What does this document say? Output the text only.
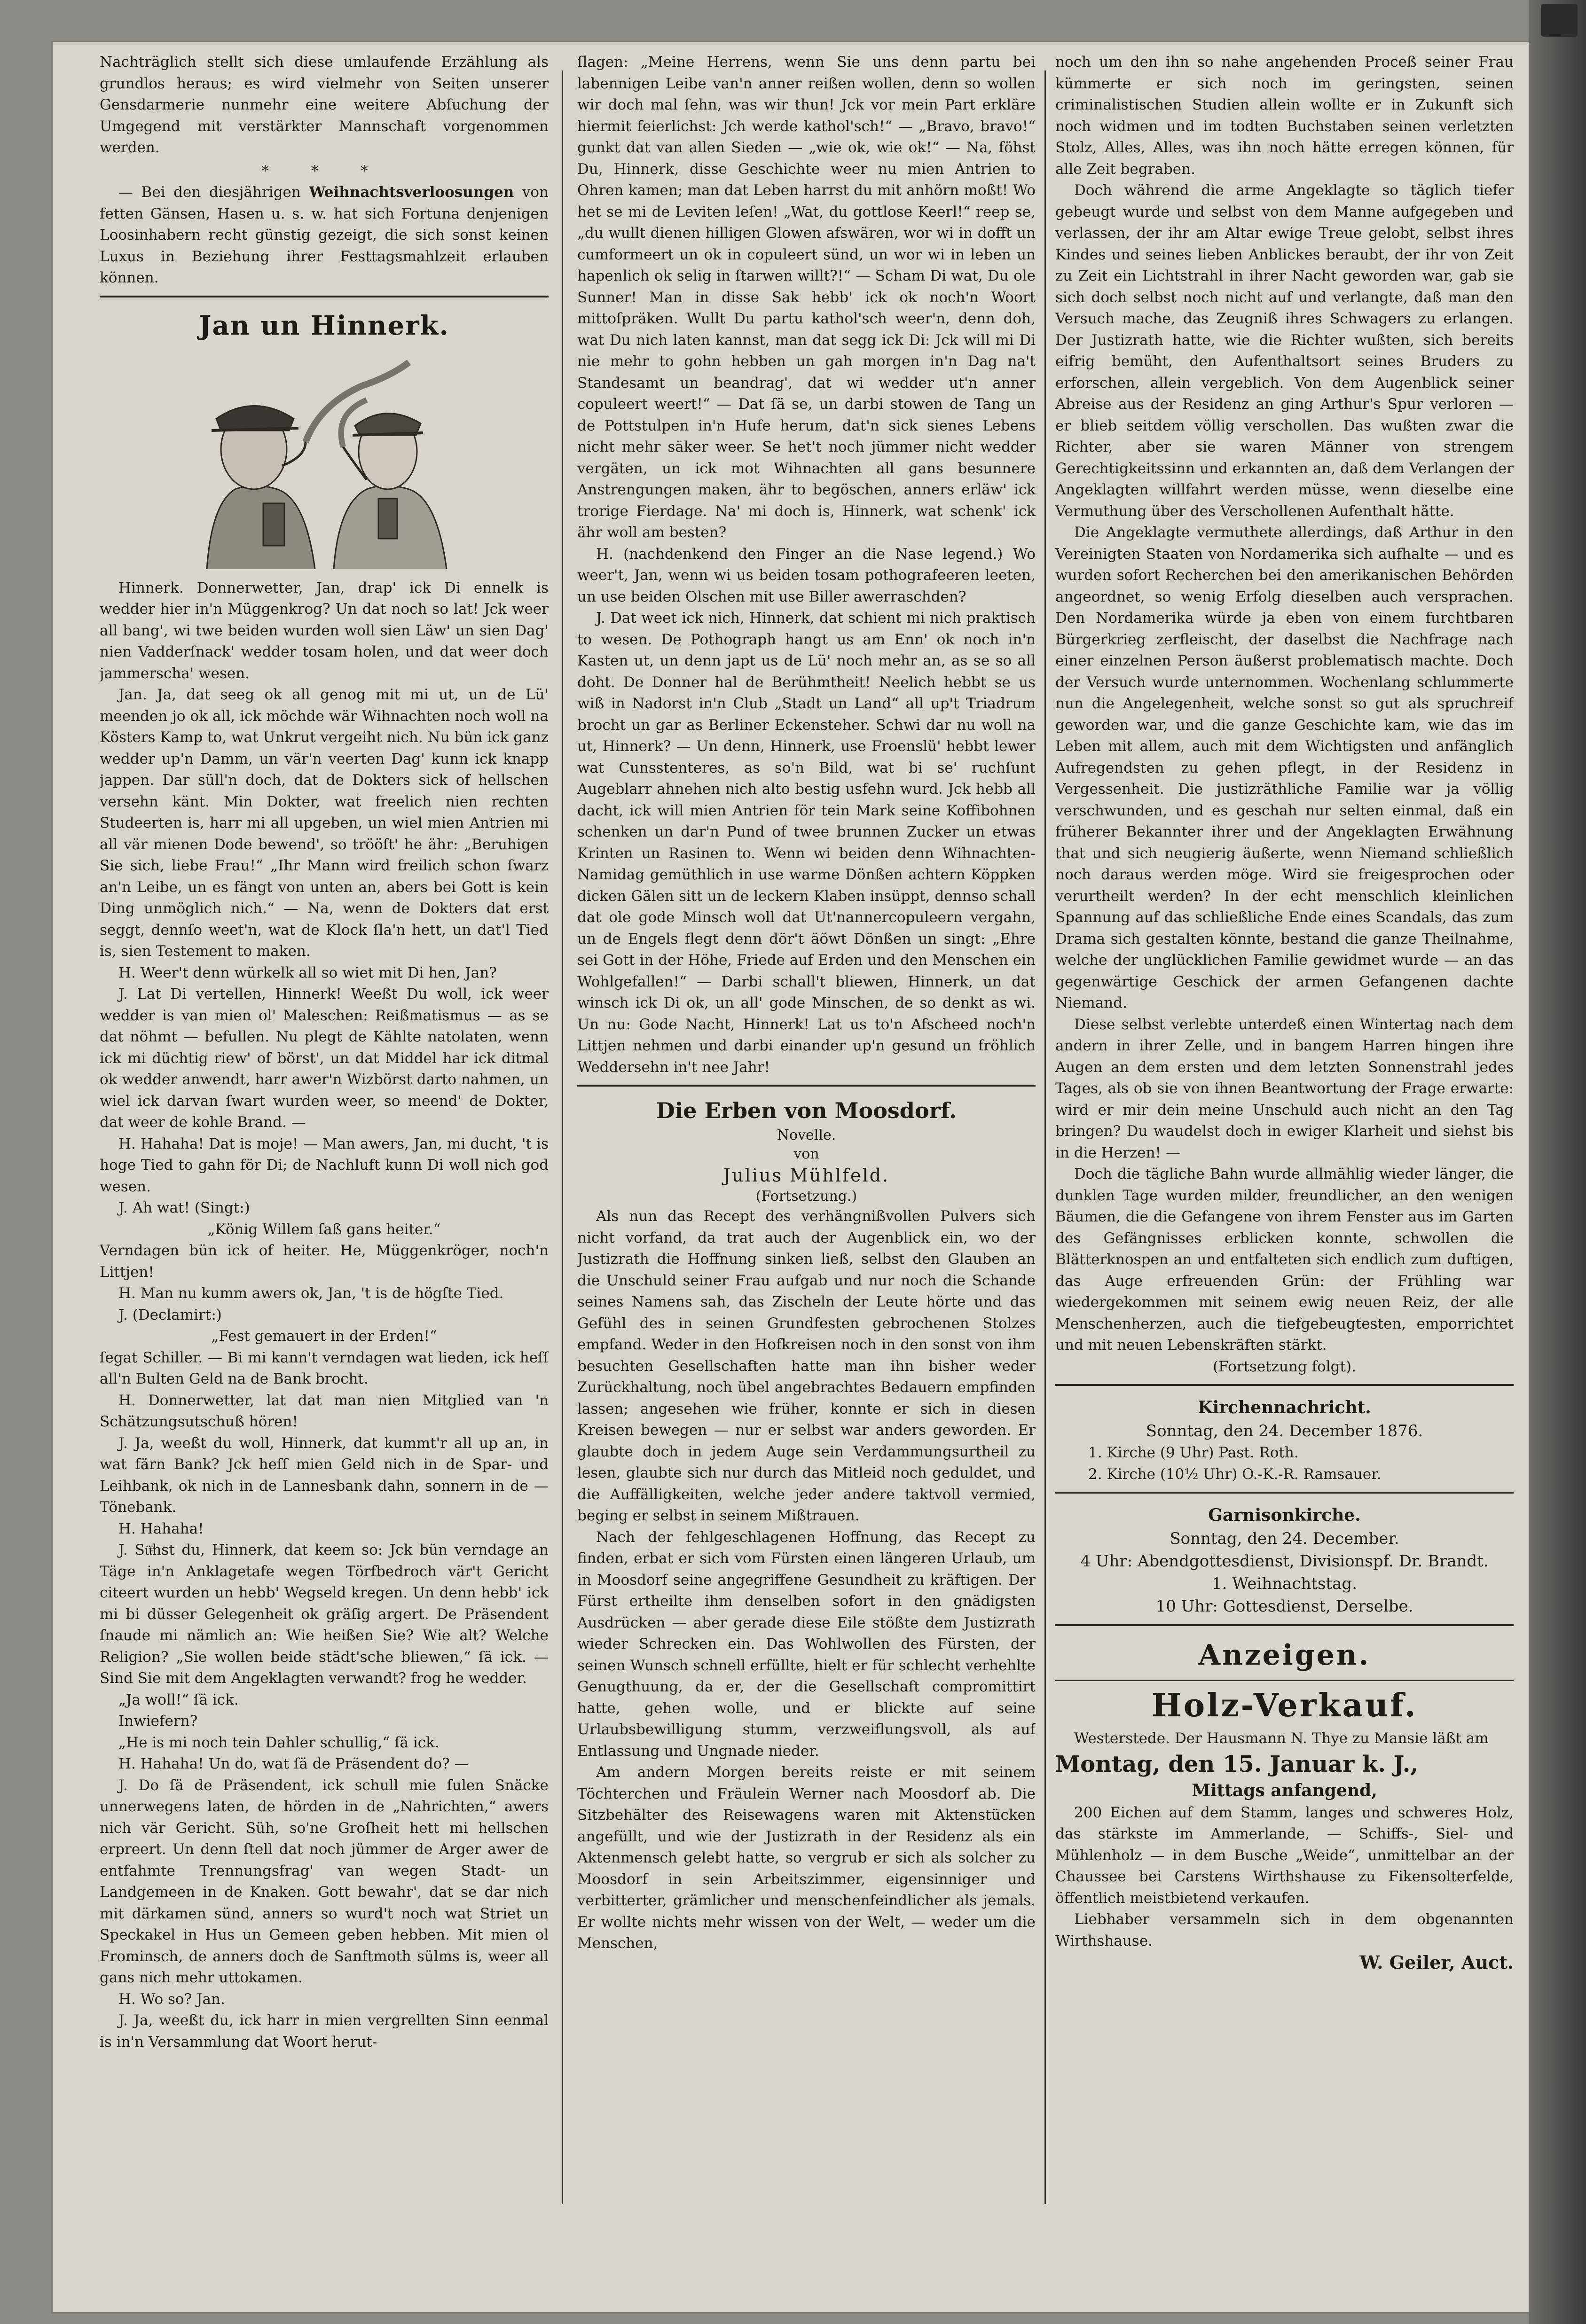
Nachträglich stellt sich diese umlaufende Erzählung als grundlos heraus; es wird vielmehr von Seiten unserer Gensdarmerie nunmehr eine weitere Abſuchung der Umgegend mit verstärkter Mannschaft vorgenommen werden.

* * *

— Bei den diesjährigen Weihnachtsverloosungen von fetten Gänsen, Hasen u. s. w. hat sich Fortuna denjenigen Loosinhabern recht günstig gezeigt, die sich sonst keinen Luxus in Beziehung ihrer Festtagsmahlzeit erlauben können.

Jan un Hinnerk.

Hinnerk. Donnerwetter, Jan, drap' ick Di ennelk is wedder hier in'n Müggenkrog? Un dat noch so lat! Jck weer all bang', wi twe beiden wurden woll sien Läw' un sien Dag' nien Vadderſnack' wedder tosam holen, und dat weer doch jammerscha' wesen.

Jan. Ja, dat seeg ok all genog mit mi ut, un de Lü' meenden jo ok all, ick möchde wär Wihnachten noch woll na Kösters Kamp to, wat Unkrut vergeiht nich. Nu bün ick ganz wedder up'n Damm, un vär'n veerten Dag' kunn ick knapp jappen. Dar süll'n doch, dat de Dokters sick of hellschen versehn känt. Min Dokter, wat freelich nien rechten Studeerten is, harr mi all upgeben, un wiel mien Antrien mi all vär mienen Dode bewend', so trööſt' he ähr: „Beruhigen Sie sich, liebe Frau!“ „Ihr Mann wird freilich schon ſwarz an'n Leibe, un es fängt von unten an, abers bei Gott is kein Ding unmöglich nich.“ — Na, wenn de Dokters dat erst seggt, dennſo weet'n, wat de Klock ſla'n hett, un dat'l Tied is, sien Testement to maken.

H. Weer't denn würkelk all so wiet mit Di hen, Jan?

J. Lat Di vertellen, Hinnerk! Weeßt Du woll, ick weer wedder is van mien ol' Maleschen: Reißmatismus — as se dat nöhmt — befullen. Nu plegt de Kählte natolaten, wenn ick mi düchtig riew' of börst', un dat Middel har ick ditmal ok wedder anwendt, harr awer'n Wizbörst darto nahmen, un wiel ick darvan ſwart wurden weer, so meend' de Dokter, dat weer de kohle Brand. —

H. Hahaha! Dat is moje! — Man awers, Jan, mi ducht, 't is hoge Tied to gahn för Di; de Nachluft kunn Di woll nich god wesen.

J. Ah wat! (Singt:)

„König Willem ſaß gans heiter.“

Verndagen bün ick of heiter. He, Müggenkröger, noch'n Littjen!

H. Man nu kumm awers ok, Jan, 't is de högſte Tied.

J. (Declamirt:)

„Fest gemauert in der Erden!“

ſegat Schiller. — Bi mi kann't verndagen wat lieden, ick heſſ all'n Bulten Geld na de Bank brocht.

H. Donnerwetter, lat dat man nien Mitglied van 'n Schätzungsutschuß hören!

J. Ja, weeßt du woll, Hinnerk, dat kummt'r all up an, in wat färn Bank? Jck heſſ mien Geld nich in de Spar- und Leihbank, ok nich in de Lannesbank dahn, sonnern in de — Tönebank.

H. Hahaha!

J. Süͤhst du, Hinnerk, dat keem so: Jck bün verndage an Täge in'n Anklagetafe wegen Törfbedroch vär't Gericht citeert wurden un hebb' Wegseld kregen. Un denn hebb' ick mi bi düsser Gelegenheit ok gräſig argert. De Präsendent ſnaude mi nämlich an: Wie heißen Sie? Wie alt? Welche Religion? „Sie wollen beide städt'sche bliewen,“ ſä ick. — Sind Sie mit dem Angeklagten verwandt? frog he wedder.

„Ja woll!“ ſä ick.

Inwiefern?

„He is mi noch tein Dahler schullig,“ ſä ick.

H. Hahaha! Un do, wat ſä de Präsendent do? —

J. Do ſä de Präsendent, ick schull mie ſulen Snäcke unnerwegens laten, de hörden in de „Nahrichten,“ awers nich vär Gericht. Süh, so'ne Groſheit hett mi hellschen erpreert. Un denn ſtell dat noch jümmer de Arger awer de entfahmte Trennungsfrag' van wegen Stadt- un Landgemeen in de Knaken. Gott bewahr', dat se dar nich mit därkamen sünd, anners so wurd't noch wat Striet un Speckakel in Hus un Gemeen geben hebben. Mit mien ol Frominsch, de anners doch de Sanftmoth sülms is, weer all gans nich mehr uttokamen.

H. Wo so? Jan.

J. Ja, weeßt du, ick harr in mien vergrellten Sinn eenmal is in'n Versammlung dat Woort herut-

ſlagen: „Meine Herrens, wenn Sie uns denn partu bei labennigen Leibe van'n anner reißen wollen, denn so wollen wir doch mal ſehn, was wir thun! Jck vor mein Part erkläre hiermit feierlichst: Jch werde kathol'sch!“ — „Bravo, bravo!“ gunkt dat van allen Sieden — „wie ok, wie ok!“ — Na, föhst Du, Hinnerk, disse Geschichte weer nu mien Antrien to Ohren kamen; man dat Leben harrst du mit anhörn moßt! Wo het se mi de Leviten leſen! „Wat, du gottlose Keerl!“ reep se, „du wullt dienen hilligen Glowen afswären, wor wi in dofft un cumformeert un ok in copuleert sünd, un wor wi in leben un hapenlich ok selig in ſtarwen willt?!“ — Scham Di wat, Du ole Sunner! Man in disse Sak hebb' ick ok noch'n Woort mittoſpräken. Wullt Du partu kathol'sch weer'n, denn doh, wat Du nich laten kannst, man dat segg ick Di: Jck will mi Di nie mehr to gohn hebben un gah morgen in'n Dag na't Standesamt un beandrag', dat wi wedder ut'n anner copuleert weert!“ — Dat ſä se, un darbi stowen de Tang un de Pottstulpen in'n Hufe herum, dat'n sick sienes Lebens nicht mehr säker weer. Se het't noch jümmer nicht wedder vergäten, un ick mot Wihnachten all gans besunnere Anstrengungen maken, ähr to begöschen, anners erläw' ick trorige Fierdage. Na' mi doch is, Hinnerk, wat schenk' ick ähr woll am besten?

H. (nachdenkend den Finger an die Nase legend.) Wo weer't, Jan, wenn wi us beiden tosam pothografeeren leeten, un use beiden Olschen mit use Biller awerraschden?

J. Dat weet ick nich, Hinnerk, dat schient mi nich praktisch to wesen. De Pothograph hangt us am Enn' ok noch in'n Kasten ut, un denn japt us de Lü' noch mehr an, as se so all doht. De Donner hal de Berühmtheit! Neelich hebbt se us wiß in Nadorst in'n Club „Stadt un Land“ all up't Triadrum brocht un gar as Berliner Eckensteher. Schwi dar nu woll na ut, Hinnerk? — Un denn, Hinnerk, use Froenslü' hebbt lewer wat Cunsstenteres, as so'n Bild, wat bi se' ruchſunt Augeblarr ahnehen nich alto bestig usfehn wurd. Jck hebb all dacht, ick will mien Antrien för tein Mark seine Koffibohnen schenken un dar'n Pund of twee brunnen Zucker un etwas Krinten un Rasinen to. Wenn wi beiden denn Wihnachten-Namidag gemüthlich in use warme Dönßen achtern Köppken dicken Gälen sitt un de leckern Klaben insüppt, dennso schall dat ole gode Minsch woll dat Ut'nannercopuleern vergahn, un de Engels flegt denn dör't äöwt Dönßen un singt: „Ehre sei Gott in der Höhe, Friede auf Erden und den Menschen ein Wohlgefallen!“ — Darbi schall't bliewen, Hinnerk, un dat winsch ick Di ok, un all' gode Minschen, de so denkt as wi. Un nu: Gode Nacht, Hinnerk! Lat us to'n Afscheed noch'n Littjen nehmen und darbi einander up'n gesund un fröhlich Weddersehn in't nee Jahr!

Die Erben von Moosdorf.
Novelle.
von
Julius Mühlfeld.
(Fortsetzung.)

Als nun das Recept des verhängnißvollen Pulvers sich nicht vorfand, da trat auch der Augenblick ein, wo der Justizrath die Hoffnung sinken ließ, selbst den Glauben an die Unschuld seiner Frau aufgab und nur noch die Schande seines Namens sah, das Zischeln der Leute hörte und das Gefühl des in seinen Grundfesten gebrochenen Stolzes empfand. Weder in den Hofkreisen noch in den sonst von ihm besuchten Gesellschaften hatte man ihn bisher weder Zurückhaltung, noch übel angebrachtes Bedauern empfinden lassen; angesehen wie früher, konnte er sich in diesen Kreisen bewegen — nur er selbst war anders geworden. Er glaubte doch in jedem Auge sein Verdammungsurtheil zu lesen, glaubte sich nur durch das Mitleid noch geduldet, und die Auffälligkeiten, welche jeder andere taktvoll vermied, beging er selbst in seinem Mißtrauen.

Nach der fehlgeschlagenen Hoffnung, das Recept zu finden, erbat er sich vom Fürsten einen längeren Urlaub, um in Moosdorf seine angegriffene Gesundheit zu kräftigen. Der Fürst ertheilte ihm denselben sofort in den gnädigsten Ausdrücken — aber gerade diese Eile stößte dem Justizrath wieder Schrecken ein. Das Wohlwollen des Fürsten, der seinen Wunsch schnell erfüllte, hielt er für schlecht verhehlte Genugthuung, da er, der die Gesellschaft compromittirt hatte, gehen wolle, und er blickte auf seine Urlaubsbewilligung stumm, verzweiflungsvoll, als auf Entlassung und Ungnade nieder.

Am andern Morgen bereits reiste er mit seinem Töchterchen und Fräulein Werner nach Moosdorf ab. Die Sitzbehälter des Reisewagens waren mit Aktenstücken angefüllt, und wie der Justizrath in der Residenz als ein Aktenmensch gelebt hatte, so vergrub er sich als solcher zu Moosdorf in sein Arbeitszimmer, eigensinniger und verbitterter, grämlicher und menschenfeindlicher als jemals. Er wollte nichts mehr wissen von der Welt, — weder um die Menschen,

noch um den ihn so nahe angehenden Proceß seiner Frau kümmerte er sich noch im geringsten, seinen criminalistischen Studien allein wollte er in Zukunft sich noch widmen und im todten Buchstaben seinen verletzten Stolz, Alles, Alles, was ihn noch hätte erregen können, für alle Zeit begraben.

Doch während die arme Angeklagte so täglich tiefer gebeugt wurde und selbst von dem Manne aufgegeben und verlassen, der ihr am Altar ewige Treue gelobt, selbst ihres Kindes und seines lieben Anblickes beraubt, der ihr von Zeit zu Zeit ein Lichtstrahl in ihrer Nacht geworden war, gab sie sich doch selbst noch nicht auf und verlangte, daß man den Versuch mache, das Zeugniß ihres Schwagers zu erlangen. Der Justizrath hatte, wie die Richter wußten, sich bereits eifrig bemüht, den Aufenthaltsort seines Bruders zu erforschen, allein vergeblich. Von dem Augenblick seiner Abreise aus der Residenz an ging Arthur's Spur verloren — er blieb seitdem völlig verschollen. Das wußten zwar die Richter, aber sie waren Männer von strengem Gerechtigkeitssinn und erkannten an, daß dem Verlangen der Angeklagten willfahrt werden müsse, wenn dieselbe eine Vermuthung über des Verschollenen Aufenthalt hätte.

Die Angeklagte vermuthete allerdings, daß Arthur in den Vereinigten Staaten von Nordamerika sich aufhalte — und es wurden sofort Recherchen bei den amerikanischen Behörden angeordnet, so wenig Erfolg dieselben auch versprachen. Den Nordamerika würde ja eben von einem furchtbaren Bürgerkrieg zerfleischt, der daselbst die Nachfrage nach einer einzelnen Person äußerst problematisch machte. Doch der Versuch wurde unternommen. Wochenlang schlummerte nun die Angelegenheit, welche sonst so gut als spruchreif geworden war, und die ganze Geschichte kam, wie das im Leben mit allem, auch mit dem Wichtigsten und anfänglich Aufregendsten zu gehen pflegt, in der Residenz in Vergessenheit. Die justizräthliche Familie war ja völlig verschwunden, und es geschah nur selten einmal, daß ein früherer Bekannter ihrer und der Angeklagten Erwähnung that und sich neugierig äußerte, wenn Niemand schließlich noch daraus werden möge. Wird sie freigesprochen oder verurtheilt werden? In der echt menschlich kleinlichen Spannung auf das schließliche Ende eines Scandals, das zum Drama sich gestalten könnte, bestand die ganze Theilnahme, welche der unglücklichen Familie gewidmet wurde — an das gegenwärtige Geschick der armen Gefangenen dachte Niemand.

Diese selbst verlebte unterdeß einen Wintertag nach dem andern in ihrer Zelle, und in bangem Harren hingen ihre Augen an dem ersten und dem letzten Sonnenstrahl jedes Tages, als ob sie von ihnen Beantwortung der Frage erwarte: wird er mir dein meine Unschuld auch nicht an den Tag bringen? Du waudelst doch in ewiger Klarheit und siehst bis in die Herzen! —

Doch die tägliche Bahn wurde allmählig wieder länger, die dunklen Tage wurden milder, freundlicher, an den wenigen Bäumen, die die Gefangene von ihrem Fenster aus im Garten des Gefängnisses erblicken konnte, schwollen die Blätterknospen an und entfalteten sich endlich zum duftigen, das Auge erfreuenden Grün: der Frühling war wiedergekommen mit seinem ewig neuen Reiz, der alle Menschenherzen, auch die tiefgebeugtesten, emporrichtet und mit neuen Lebenskräften stärkt.

(Fortsetzung folgt).

Kirchennachricht.
Sonntag, den 24. December 1876.

1. Kirche (9 Uhr) Past. Roth.

2. Kirche (10½ Uhr) O.-K.-R. Ramsauer.

Garnisonkirche.
Sonntag, den 24. December.
4 Uhr: Abendgottesdienst, Divisionspf. Dr. Brandt.
1. Weihnachtstag.
10 Uhr: Gottesdienst, Derselbe.
Anzeigen.
Holz-Verkauf.

Westerstede. Der Hausmann N. Thye zu Mansie läßt am

Montag, den 15. Januar k. J.,

Mittags anfangend,

200 Eichen auf dem Stamm, langes und schweres Holz, das stärkste im Ammerlande, — Schiffs-, Siel- und Mühlenholz — in dem Busche „Weide“, unmittelbar an der Chaussee bei Carstens Wirthshause zu Fikensolterfelde, öffentlich meistbietend verkaufen.

Liebhaber versammeln sich in dem obgenannten Wirthshause.

W. Geiler, Auct.
